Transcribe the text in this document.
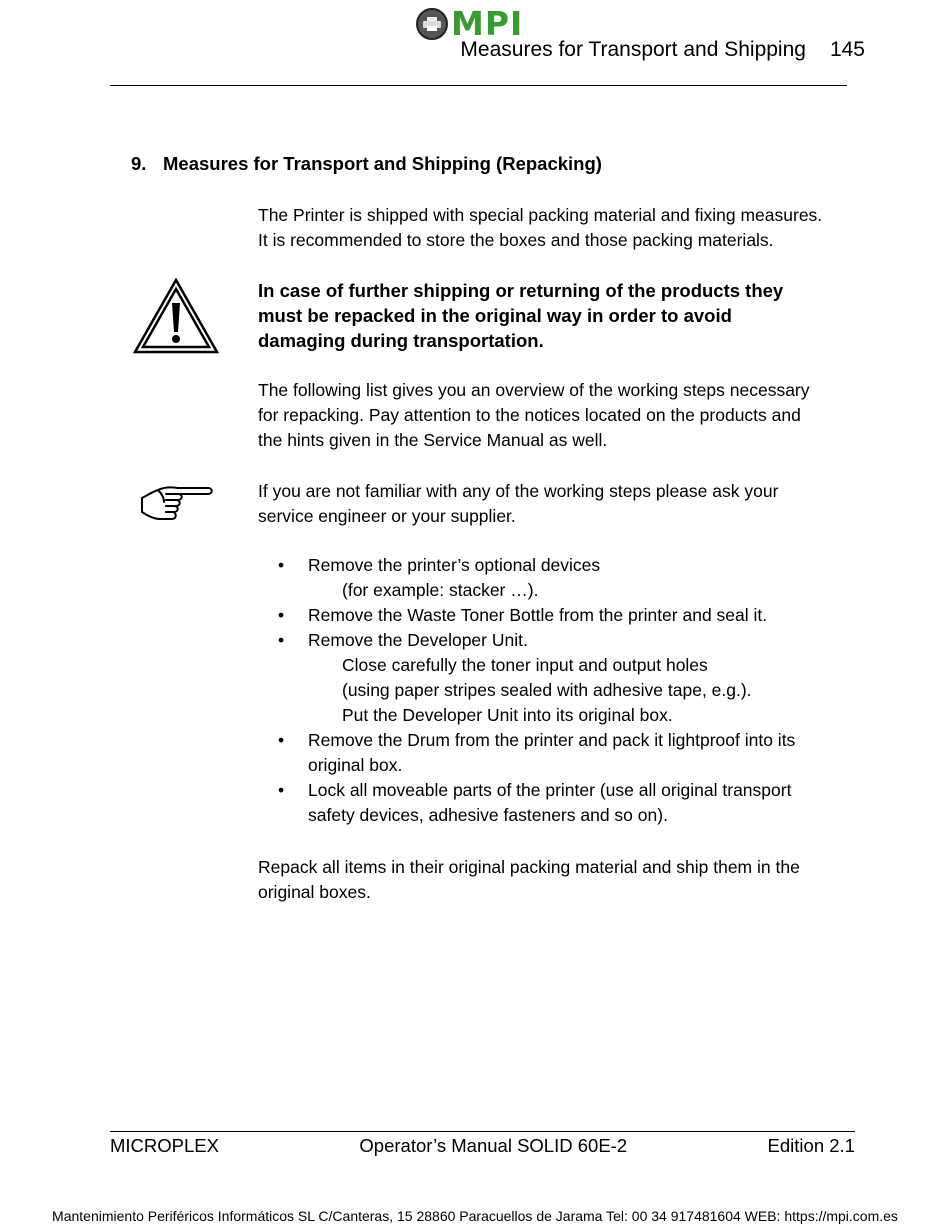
MPI
Measures for Transport and Shipping 145
9. Measures for Transport and Shipping (Repacking)

The Printer is shipped with special packing material and fixing measures.

It is recommended to store the boxes and those packing materials.

In case of further shipping or returning of the products they

must be repacked in the original way in order to avoid

damaging during transportation.

The following list gives you an overview of the working steps necessary

for repacking. Pay attention to the notices located on the products and

the hints given in the Service Manual as well.

If you are not familiar with any of the working steps please ask your

service engineer or your supplier.

• Remove the printer’s optional devices
(for example: stacker …).
• Remove the Waste Toner Bottle from the printer and seal it.
• Remove the Developer Unit.
Close carefully the toner input and output holes
(using paper stripes sealed with adhesive tape, e.g.).
Put the Developer Unit into its original box.
• Remove the Drum from the printer and pack it lightproof into its
original box.
• Lock all moveable parts of the printer (use all original transport
safety devices, adhesive fasteners and so on).

Repack all items in their original packing material and ship them in the

original boxes.

MICROPLEX	Operator’s Manual SOLID 60E-2	Edition 2.1
Mantenimiento Periféricos Informáticos SL C/Canteras, 15 28860 Paracuellos de Jarama Tel: 00 34 917481604 WEB: https://mpi.com.es
